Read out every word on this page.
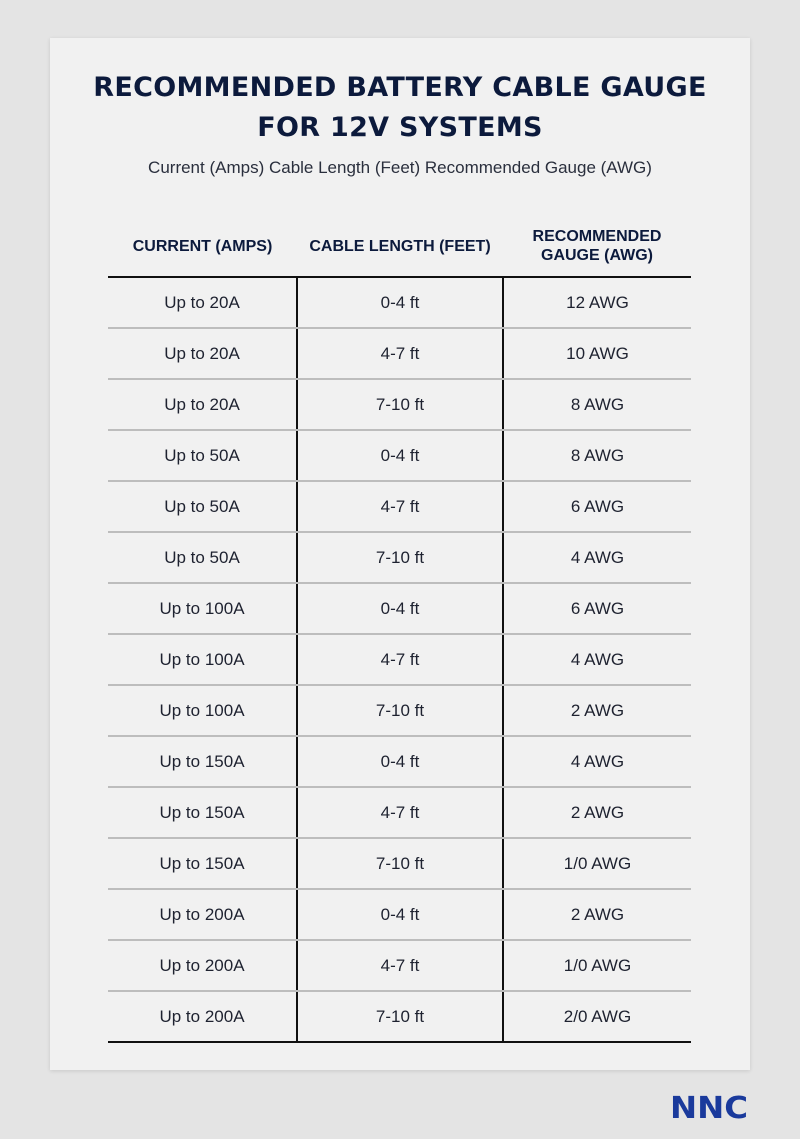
RECOMMENDED BATTERY CABLE GAUGE
FOR 12V SYSTEMS
Current (Amps) Cable Length (Feet) Recommended Gauge (AWG)
CURRENT (AMPS)	CABLE LENGTH (FEET)	RECOMMENDED GAUGE (AWG)
Up to 20A	0-4 ft	12 AWG
Up to 20A	4-7 ft	10 AWG
Up to 20A	7-10 ft	8 AWG
Up to 50A	0-4 ft	8 AWG
Up to 50A	4-7 ft	6 AWG
Up to 50A	7-10 ft	4 AWG
Up to 100A	0-4 ft	6 AWG
Up to 100A	4-7 ft	4 AWG
Up to 100A	7-10 ft	2 AWG
Up to 150A	0-4 ft	4 AWG
Up to 150A	4-7 ft	2 AWG
Up to 150A	7-10 ft	1/0 AWG
Up to 200A	0-4 ft	2 AWG
Up to 200A	4-7 ft	1/0 AWG
Up to 200A	7-10 ft	2/0 AWG
NNC
